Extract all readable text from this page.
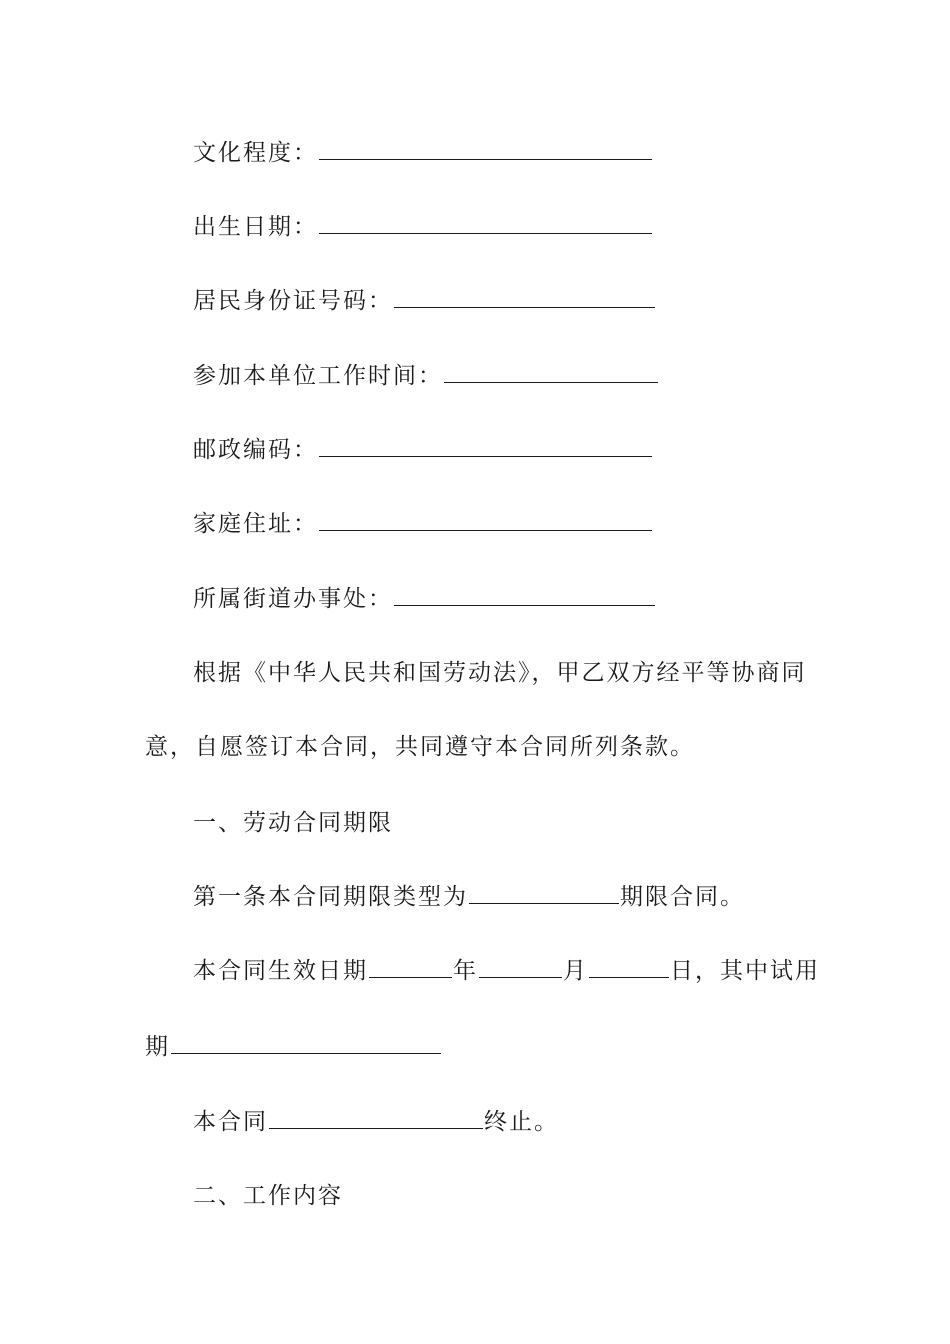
文化程度：
出生日期：
居民身份证号码：
参加本单位工作时间：
邮政编码：
家庭住址：
所属街道办事处：
根据《中华人民共和国劳动法》，甲乙双方经平等协商同
意，自愿签订本合同，共同遵守本合同所列条款。
一、劳动合同期限
第一条本合同期限类型为	期限合同。
本合同生效日期	年	月	日，其中试用
期
本合同	终止。
二、工作内容
